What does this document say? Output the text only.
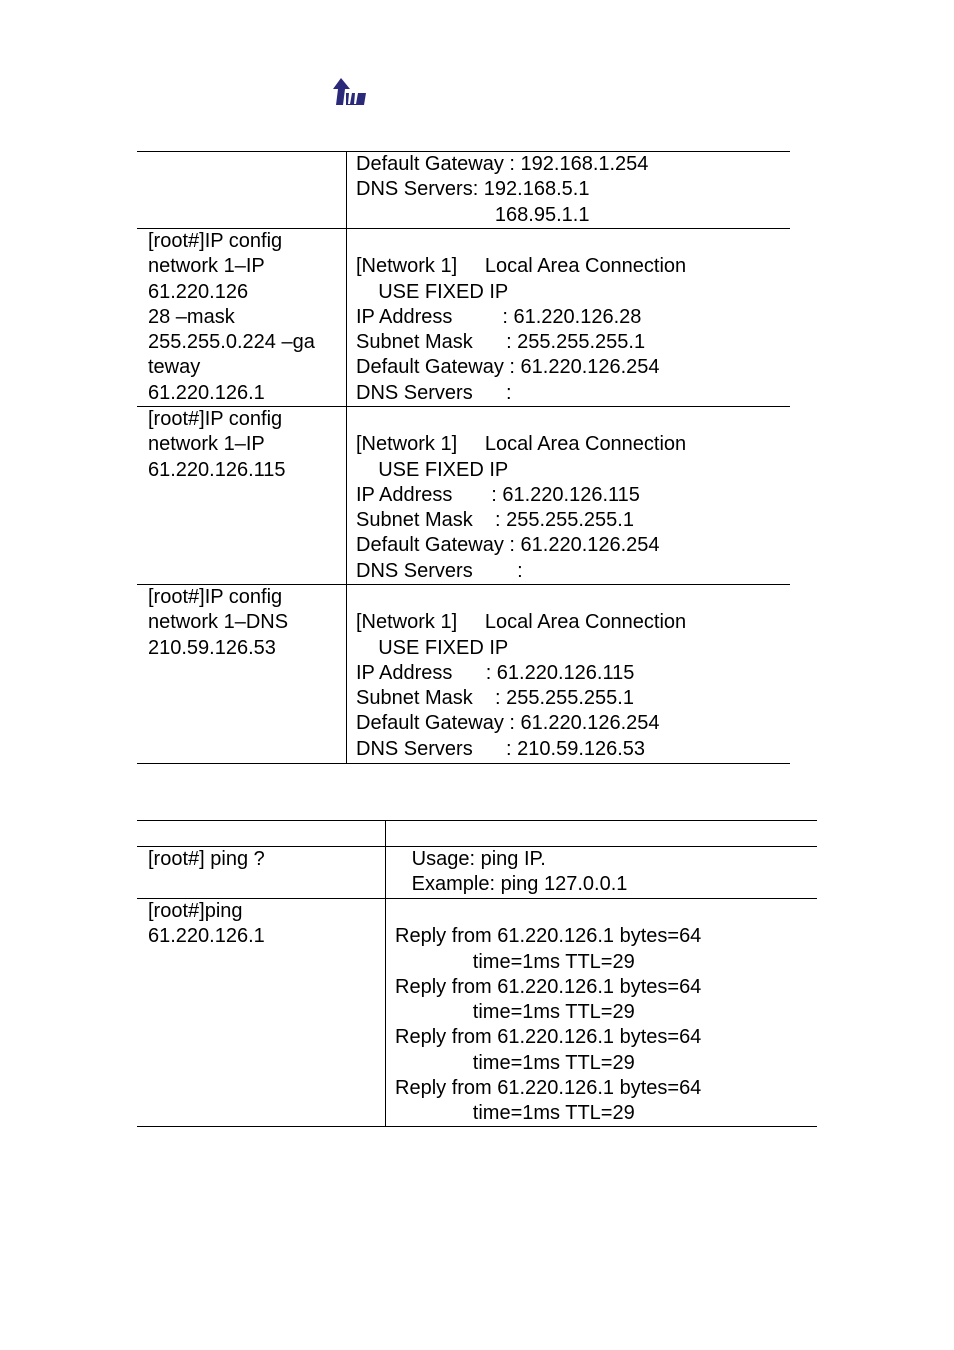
Default Gateway : 192.168.1.254
DNS Servers: 192.168.5.1
168.95.1.1
[root#]IP config
network 1–IP
61.220.126
28 –mask
255.255.0.224 –ga
teway
61.220.126.1

[Network 1]     Local Area Connection
USE FIXED IP
IP Address         : 61.220.126.28
Subnet Mask      : 255.255.255.1
Default Gateway : 61.220.126.254
DNS Servers      :
[root#]IP config
network 1–IP
61.220.126.115

[Network 1]     Local Area Connection
USE FIXED IP
IP Address       : 61.220.126.115
Subnet Mask    : 255.255.255.1
Default Gateway : 61.220.126.254
DNS Servers        :
[root#]IP config
network 1–DNS
210.59.126.53

[Network 1]     Local Area Connection
USE FIXED IP
IP Address      : 61.220.126.115
Subnet Mask    : 255.255.255.1
Default Gateway : 61.220.126.254
DNS Servers      : 210.59.126.53
[root#] ping ?	Usage: ping IP.
Example: ping 127.0.0.1
[root#]ping
61.220.126.1	
Reply from 61.220.126.1 bytes=64
time=1ms TTL=29
Reply from 61.220.126.1 bytes=64
time=1ms TTL=29
Reply from 61.220.126.1 bytes=64
time=1ms TTL=29
Reply from 61.220.126.1 bytes=64
time=1ms TTL=29
